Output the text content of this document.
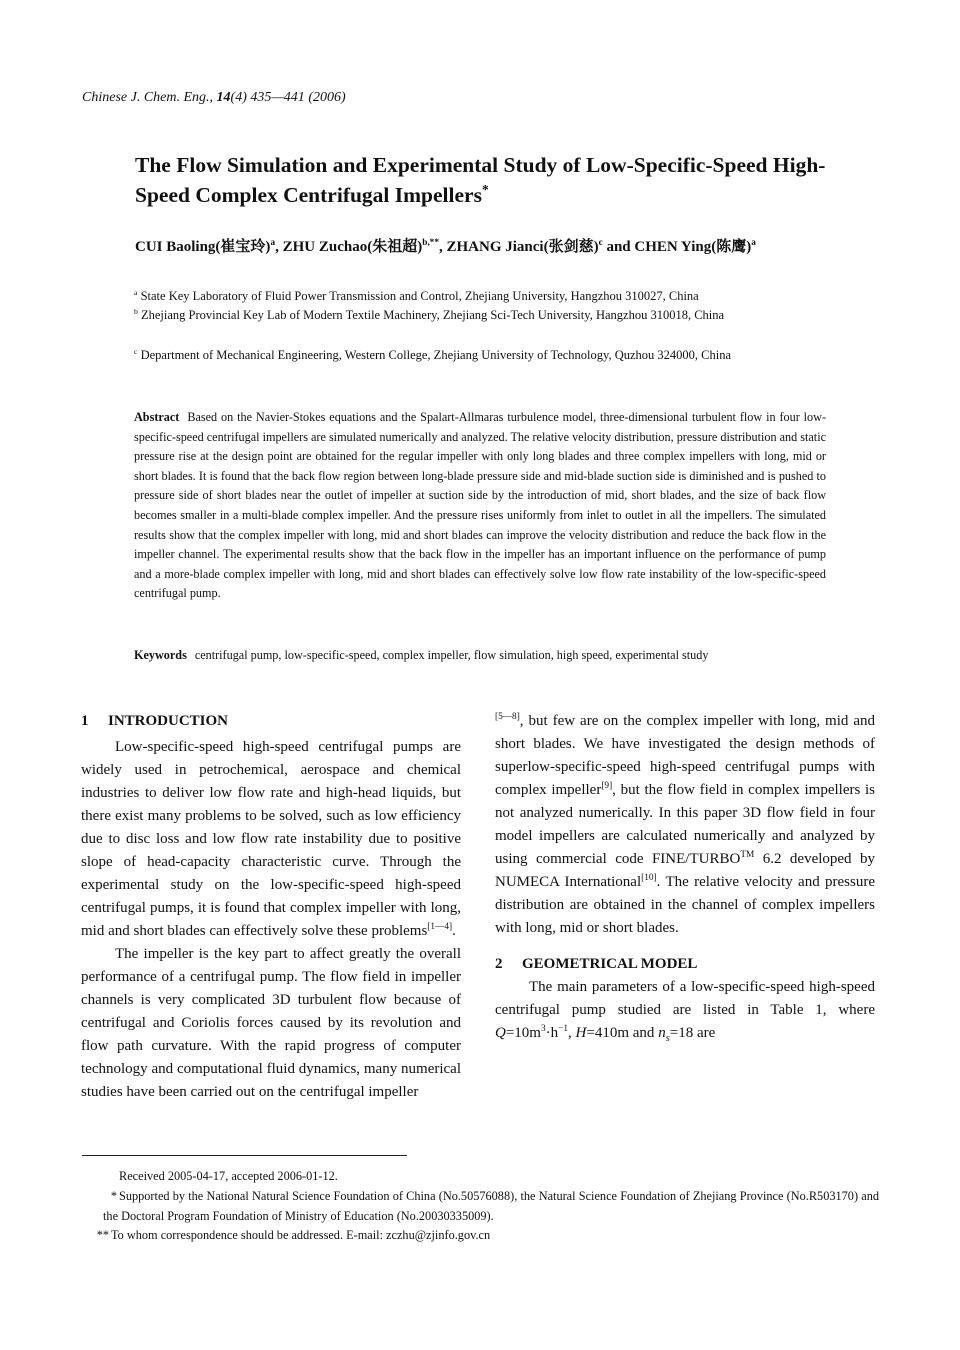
Chinese J. Chem. Eng., 14(4) 435—441 (2006)
The Flow Simulation and Experimental Study of Low-Specific-Speed High-Speed Complex Centrifugal Impellers*
CUI Baoling(崔宝玲)$^a$, ZHU Zuchao(朱祖超)$^{b,**}$, ZHANG Jianci(张剑慈)$^c$ and CHEN Ying(陈鹰)$^a$
$^a$ State Key Laboratory of Fluid Power Transmission and Control, Zhejiang University, Hangzhou 310027, China
$^b$ Zhejiang Provincial Key Lab of Modern Textile Machinery, Zhejiang Sci-Tech University, Hangzhou 310018, China
$^c$ Department of Mechanical Engineering, Western College, Zhejiang University of Technology, Quzhou 324000, China
Abstract Based on the Navier-Stokes equations and the Spalart-Allmaras turbulence model, three-dimensional turbulent flow in four low-specific-speed centrifugal impellers are simulated numerically and analyzed. The relative velocity distribution, pressure distribution and static pressure rise at the design point are obtained for the regular impeller with only long blades and three complex impellers with long, mid or short blades. It is found that the back flow region between long-blade pressure side and mid-blade suction side is diminished and is pushed to pressure side of short blades near the outlet of impeller at suction side by the introduction of mid, short blades, and the size of back flow becomes smaller in a multi-blade complex impeller. And the pressure rises uniformly from inlet to outlet in all the impellers. The simulated results show that the complex impeller with long, mid and short blades can improve the velocity distribution and reduce the back flow in the impeller channel. The experimental results show that the back flow in the impeller has an important influence on the performance of pump and a more-blade complex impeller with long, mid and short blades can effectively solve low flow rate instability of the low-specific-speed centrifugal pump.
Keywords centrifugal pump, low-specific-speed, complex impeller, flow simulation, high speed, experimental study
1 INTRODUCTION

Low-specific-speed high-speed centrifugal pumps are widely used in petrochemical, aerospace and chemical industries to deliver low flow rate and high-head liquids, but there exist many problems to be solved, such as low efficiency due to disc loss and low flow rate instability due to positive slope of head-capacity characteristic curve. Through the experimental study on the low-specific-speed high-speed centrifugal pumps, it is found that complex impeller with long, mid and short blades can effectively solve these problems[1—4].

The impeller is the key part to affect greatly the overall performance of a centrifugal pump. The flow field in impeller channels is very complicated 3D turbulent flow because of centrifugal and Coriolis forces caused by its revolution and flow path curvature. With the rapid progress of computer technology and computational fluid dynamics, many numerical studies have been carried out on the centrifugal impeller

[5—8], but few are on the complex impeller with long, mid and short blades. We have investigated the design methods of superlow-specific-speed high-speed centrifugal pumps with complex impeller[9], but the flow field in complex impellers is not analyzed numerically. In this paper 3D flow field in four model impellers are calculated numerically and analyzed by using commercial code FINE/TURBO™ 6.2 developed by NUMECA International[10]. The relative velocity and pressure distribution are obtained in the channel of complex impellers with long, mid or short blades.

2 GEOMETRICAL MODEL

The main parameters of a low-specific-speed high-speed centrifugal pump studied are listed in Table 1, where $Q=10m^3\cdot h^{-1}$, H=410m and $n_s=18$ are

Received 2005-04-17, accepted 2006-01-12.
* Supported by the National Natural Science Foundation of China (No.50576088), the Natural Science Foundation of Zhejiang Province (No.R503170) and the Doctoral Program Foundation of Ministry of Education (No.20030335009).
** To whom correspondence should be addressed. E-mail: zczhu@zjinfo.gov.cn
